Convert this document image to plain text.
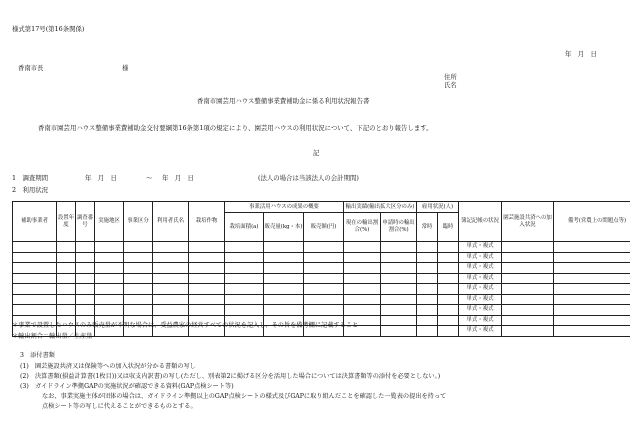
様式第17号(第16条関係)
年　月　日
香南市長	様
住所
氏名
香南市園芸用ハウス整備事業費補助金に係る利用状況報告書
香南市園芸用ハウス整備事業費補助金交付要綱第16条第1項の規定により、園芸用ハウスの利用状況について、下記のとおり報告します。
記
1　調査期間	年　月　日	〜 年　月　日	(法人の場合は当該法人の会計期間)
2　利用状況
補助事業者	設置年度	調査番号	実施地区	事業区分	利用者氏名	栽培作物	事業活用ハウスの成果の概要			輸出実績(輸出拡大区分のみ)		雇用状況(人)		簿記記帳の状況	園芸施設共済への加入状況	備考(営農上の問題点等)
							栽培面積(a)	販売量(kg・本)	販売額(円)	現在の輸出割合(%)	申請時の輸出割合(%)	常時	臨時			

														単式・複式		
														単式・複式		
														単式・複式		
														単式・複式		
														単式・複式		
														単式・複式		
														単式・複式		
														単式・複式		
														単式・複式		
＊事業で設置したハウスのみ販売量が不明な場合は、受益農家の経営すべての状況を記入し、その旨を備考欄に記載すること
＊輸出割合＝輸出量／生産量
3　添付書類
(1)　園芸施設共済又は保険等への加入状況が分かる書類の写し
(2)　決算書類(損益計算書(1枚目))又は収支内訳書)の写し(ただし、別表第2に掲げる区分を活用した場合については決算書類等の添付を必要としない。)
(3)　ガイドライン準拠GAPの実施状況が確認できる資料(GAP点検シート等)
なお、事業実施主体が団体の場合は、ガイドライン準拠以上のGAP点検シートの様式及びGAPに取り組んだことを確認した一覧表の提出を持って
点検シート等の写しに代えることができるものとする。
